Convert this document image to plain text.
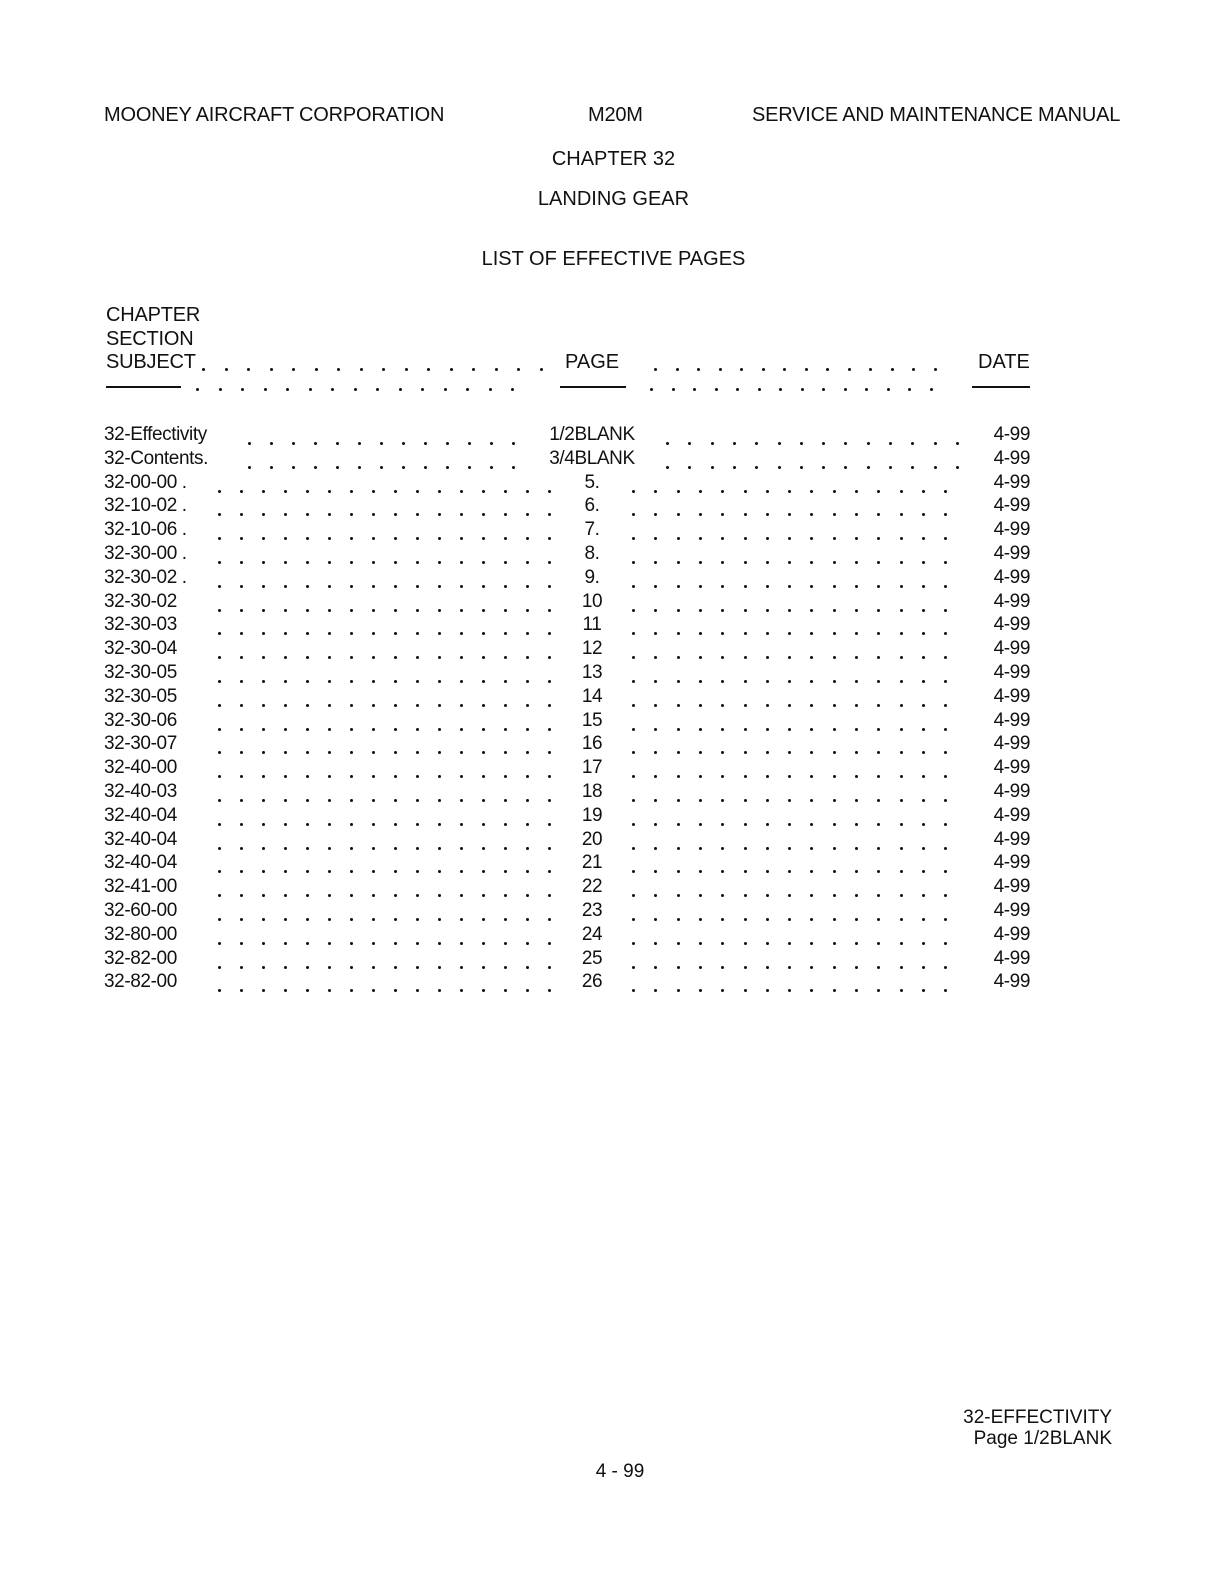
MOONEY AIRCRAFT CORPORATION	M20M	SERVICE AND MAINTENANCE MANUAL
CHAPTER 32
LANDING GEAR
LIST OF EFFECTIVE PAGES
CHAPTER
SECTION
SUBJECT	PAGE	DATE
32-Effectivity	1/2BLANK	4-99
32-Contents.	3/4BLANK	4-99
32-00-00 .	5.	4-99
32-10-02 .	6.	4-99
32-10-06 .	7.	4-99
32-30-00 .	8.	4-99
32-30-02 .	9.	4-99
32-30-02	10	4-99
32-30-03	11	4-99
32-30-04	12	4-99
32-30-05	13	4-99
32-30-05	14	4-99
32-30-06	15	4-99
32-30-07	16	4-99
32-40-00	17	4-99
32-40-03	18	4-99
32-40-04	19	4-99
32-40-04	20	4-99
32-40-04	21	4-99
32-41-00	22	4-99
32-60-00	23	4-99
32-80-00	24	4-99
32-82-00	25	4-99
32-82-00	26	4-99
32-EFFECTIVITY
Page 1/2BLANK
4 - 99
